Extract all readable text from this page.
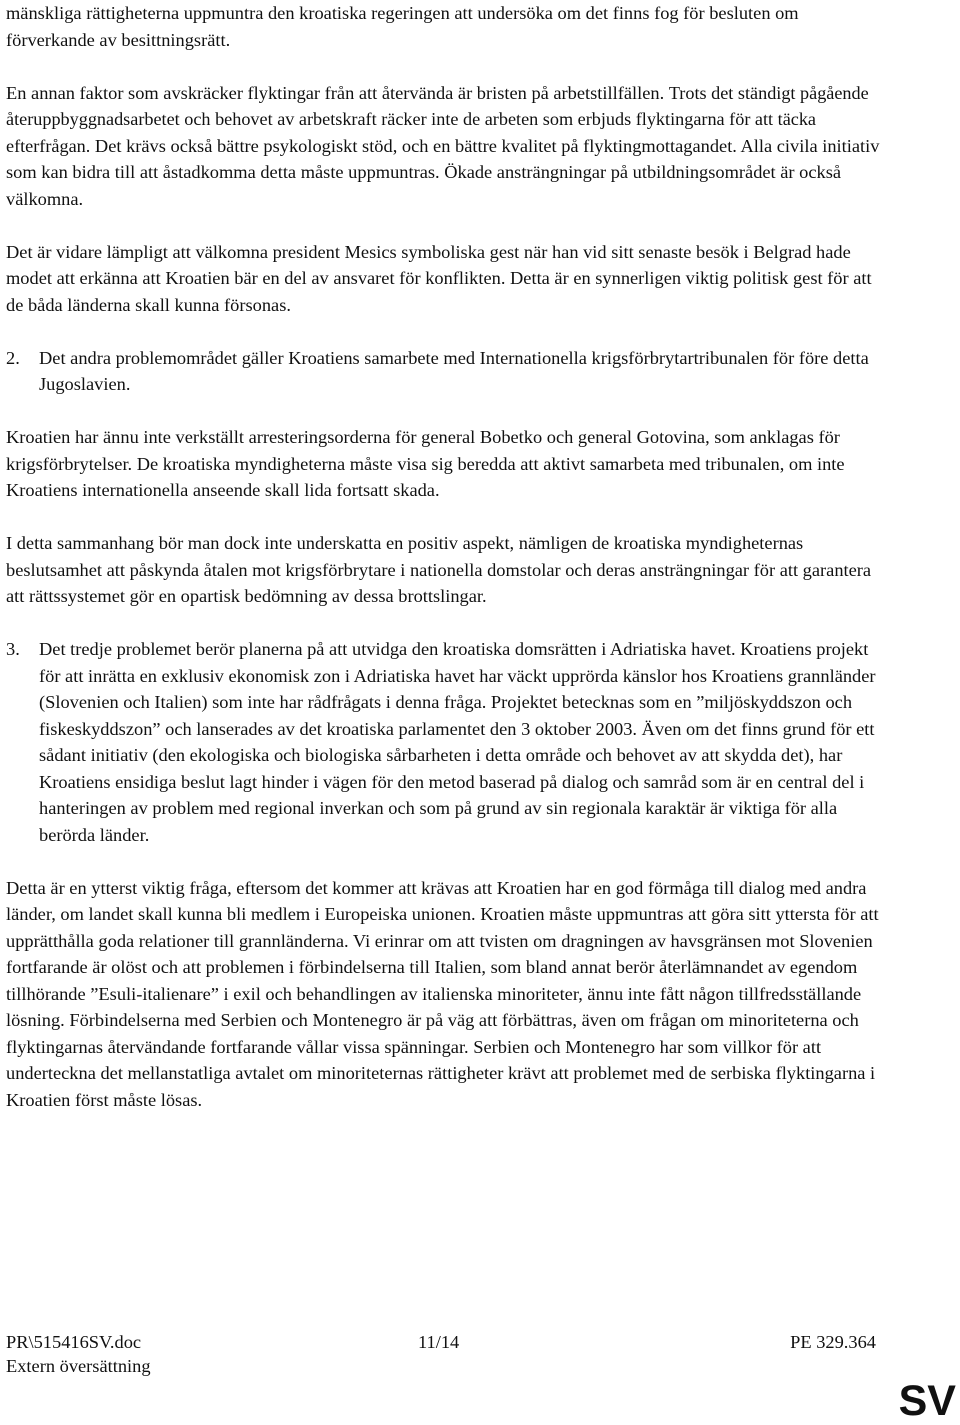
mänskliga rättigheterna uppmuntra den kroatiska regeringen att undersöka om det finns fog för besluten om förverkande av besittningsrätt.

En annan faktor som avskräcker flyktingar från att återvända är bristen på arbetstillfällen. Trots det ständigt pågående återuppbyggnadsarbetet och behovet av arbetskraft räcker inte de arbeten som erbjuds flyktingarna för att täcka efterfrågan. Det krävs också bättre psykologiskt stöd, och en bättre kvalitet på flyktingmottagandet. Alla civila initiativ som kan bidra till att åstadkomma detta måste uppmuntras. Ökade ansträngningar på utbildningsområdet är också välkomna.

Det är vidare lämpligt att välkomna president Mesics symboliska gest när han vid sitt senaste besök i Belgrad hade modet att erkänna att Kroatien bär en del av ansvaret för konflikten. Detta är en synnerligen viktig politisk gest för att de båda länderna skall kunna försonas.

2.	Det andra problemområdet gäller Kroatiens samarbete med Internationella krigsförbrytartribunalen för före detta Jugoslavien.

Kroatien har ännu inte verkställt arresteringsorderna för general Bobetko och general Gotovina, som anklagas för krigsförbrytelser. De kroatiska myndigheterna måste visa sig beredda att aktivt samarbeta med tribunalen, om inte Kroatiens internationella anseende skall lida fortsatt skada.

I detta sammanhang bör man dock inte underskatta en positiv aspekt, nämligen de kroatiska myndigheternas beslutsamhet att påskynda åtalen mot krigsförbrytare i nationella domstolar och deras ansträngningar för att garantera att rättssystemet gör en opartisk bedömning av dessa brottslingar.

3.	Det tredje problemet berör planerna på att utvidga den kroatiska domsrätten i Adriatiska havet. Kroatiens projekt för att inrätta en exklusiv ekonomisk zon i Adriatiska havet har väckt upprörda känslor hos Kroatiens grannländer (Slovenien och Italien) som inte har rådfrågats i denna fråga. Projektet betecknas som en ”miljöskyddszon och fiskeskyddszon” och lanserades av det kroatiska parlamentet den 3 oktober 2003. Även om det finns grund för ett sådant initiativ (den ekologiska och biologiska sårbarheten i detta område och behovet av att skydda det), har Kroatiens ensidiga beslut lagt hinder i vägen för den metod baserad på dialog och samråd som är en central del i hanteringen av problem med regional inverkan och som på grund av sin regionala karaktär är viktiga för alla berörda länder.

Detta är en ytterst viktig fråga, eftersom det kommer att krävas att Kroatien har en god förmåga till dialog med andra länder, om landet skall kunna bli medlem i Europeiska unionen. Kroatien måste uppmuntras att göra sitt yttersta för att upprätthålla goda relationer till grannländerna. Vi erinrar om att tvisten om dragningen av havsgränsen mot Slovenien fortfarande är olöst och att problemen i förbindelserna till Italien, som bland annat berör återlämnandet av egendom tillhörande ”Esuli-italienare” i exil och behandlingen av italienska minoriteter, ännu inte fått någon tillfredsställande lösning. Förbindelserna med Serbien och Montenegro är på väg att förbättras, även om frågan om minoriteterna och flyktingarnas återvändande fortfarande vållar vissa spänningar. Serbien och Montenegro har som villkor för att underteckna det mellanstatliga avtalet om minoriteternas rättigheter krävt att problemet med de serbiska flyktingarna i Kroatien först måste lösas.

PR\515416SV.doc	PE 329.364
11/14
Extern översättning
SV
